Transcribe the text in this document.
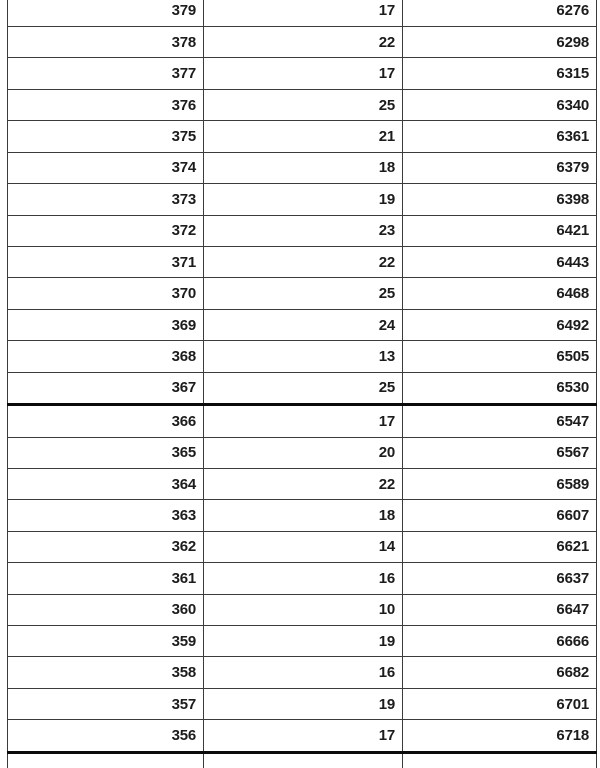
379	17	6276
378	22	6298
377	17	6315
376	25	6340
375	21	6361
374	18	6379
373	19	6398
372	23	6421
371	22	6443
370	25	6468
369	24	6492
368	13	6505
367	25	6530
366	17	6547
365	20	6567
364	22	6589
363	18	6607
362	14	6621
361	16	6637
360	10	6647
359	19	6666
358	16	6682
357	19	6701
356	17	6718
